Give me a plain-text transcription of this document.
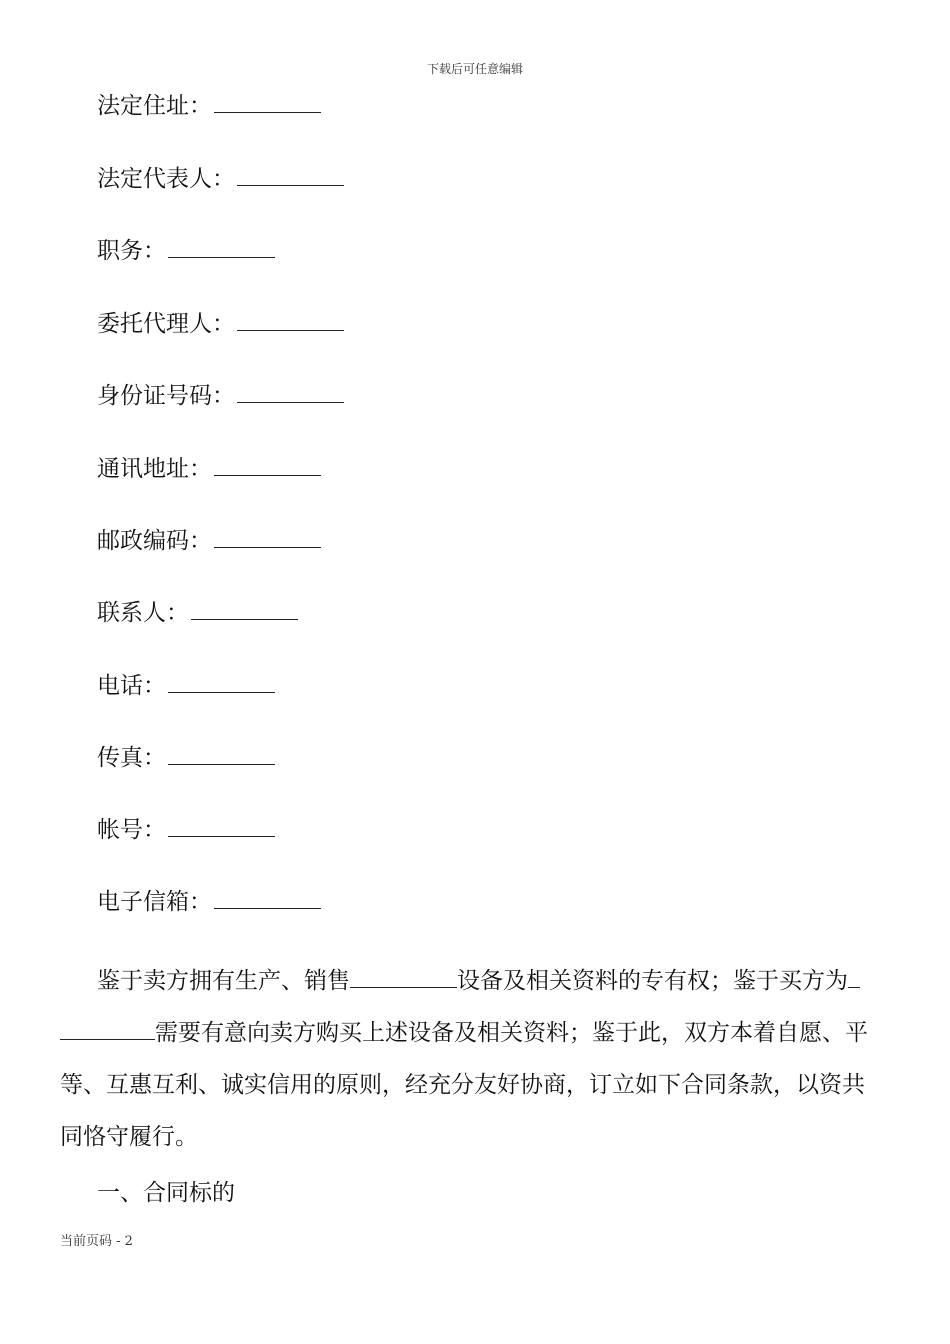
下载后可任意编辑
法定住址：
法定代表人：
职务：
委托代理人：
身份证号码：
通讯地址：
邮政编码：
联系人：
电话：
传真：
帐号：
电子信箱：
鉴于卖方拥有生产、销售	设备及相关资料的专有权；鉴于买方为需要有意向卖方购买上述设备及相关资料；鉴于此，双方本着自愿、平等、互惠互利、诚实信用的原则，经充分友好协商，订立如下合同条款，以资共同恪守履行。
一、合同标的
当前页码 - 2
